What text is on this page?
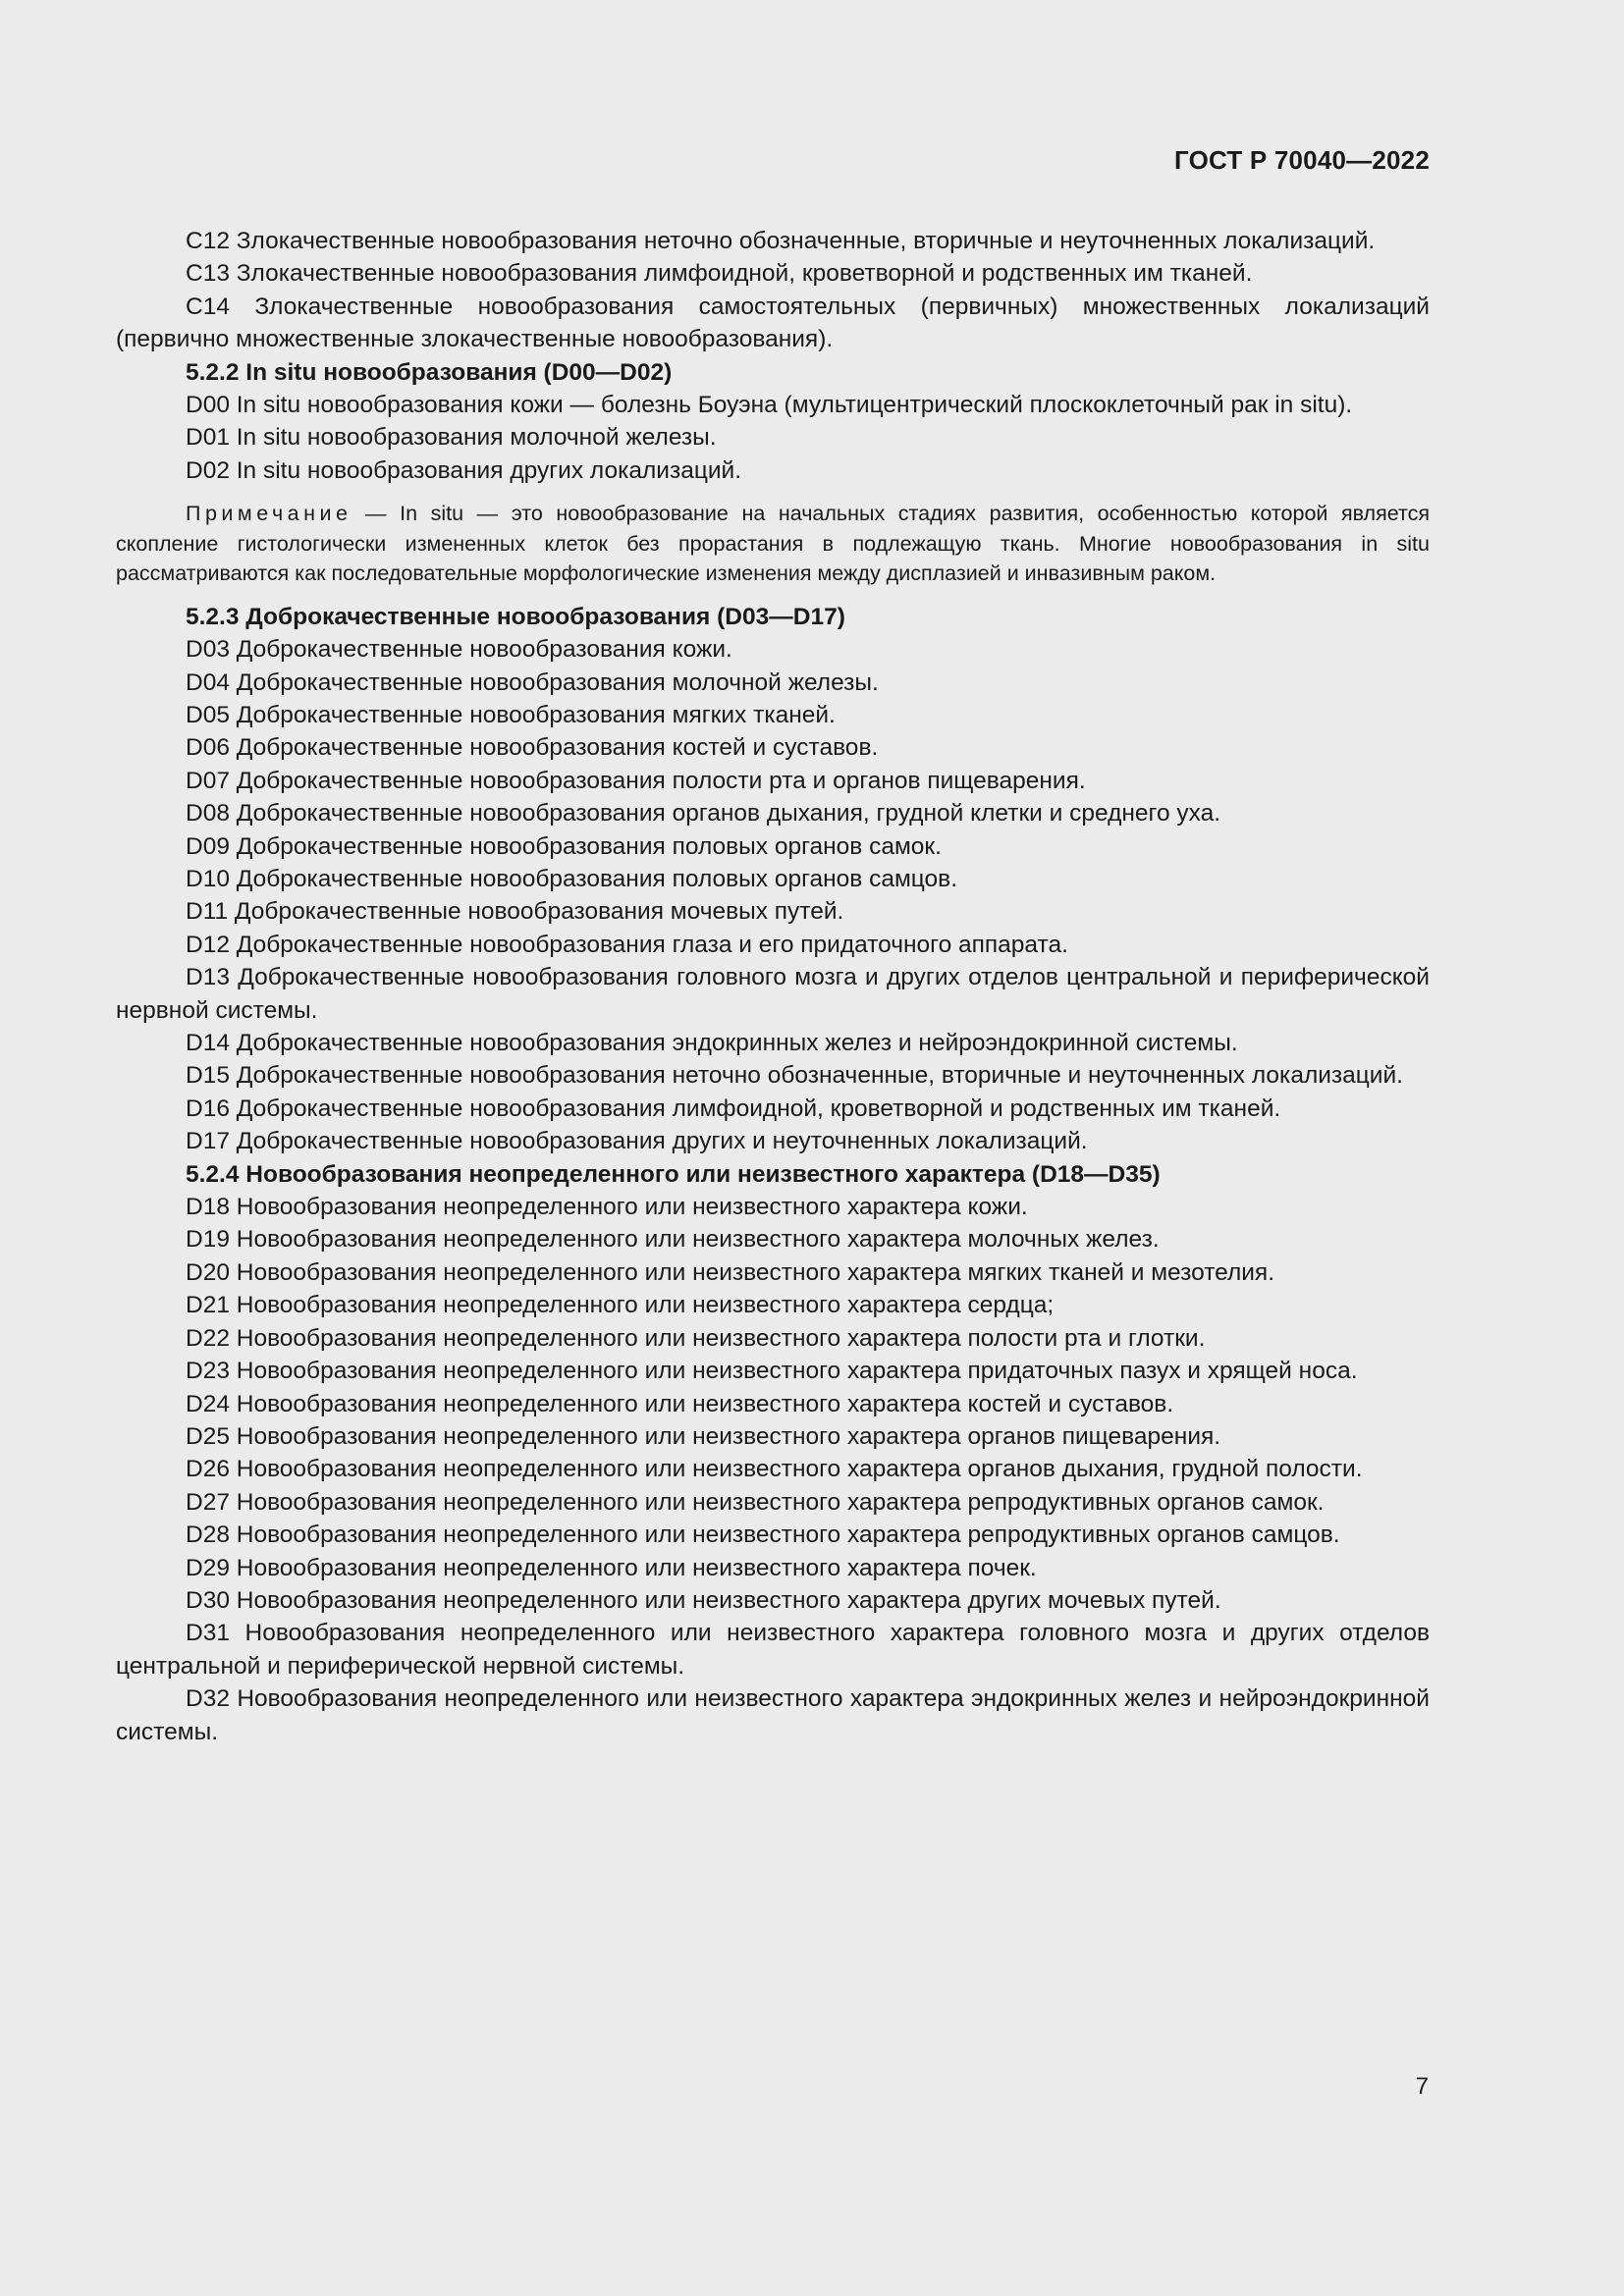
ГОСТ Р 70040—2022

С12 Злокачественные новообразования неточно обозначенные, вторичные и неуточненных локализаций.

С13 Злокачественные новообразования лимфоидной, кроветворной и родственных им тканей.

С14 Злокачественные новообразования самостоятельных (первичных) множественных локализаций (первично множественные злокачественные новообразования).

5.2.2 In situ новообразования (D00—D02)

D00 In situ новообразования кожи — болезнь Боуэна (мультицентрический плоскоклеточный рак in situ).

D01 In situ новообразования молочной железы.

D02 In situ новообразования других локализаций.

Примечание — In situ — это новообразование на начальных стадиях развития, особенностью которой является скопление гистологически измененных клеток без прорастания в подлежащую ткань. Многие новообразования in situ рассматриваются как последовательные морфологические изменения между дисплазией и инвазивным раком.

5.2.3 Доброкачественные новообразования (D03—D17)

D03 Доброкачественные новообразования кожи.

D04 Доброкачественные новообразования молочной железы.

D05 Доброкачественные новообразования мягких тканей.

D06 Доброкачественные новообразования костей и суставов.

D07 Доброкачественные новообразования полости рта и органов пищеварения.

D08 Доброкачественные новообразования органов дыхания, грудной клетки и среднего уха.

D09 Доброкачественные новообразования половых органов самок.

D10 Доброкачественные новообразования половых органов самцов.

D11 Доброкачественные новообразования мочевых путей.

D12 Доброкачественные новообразования глаза и его придаточного аппарата.

D13 Доброкачественные новообразования головного мозга и других отделов центральной и периферической нервной системы.

D14 Доброкачественные новообразования эндокринных желез и нейроэндокринной системы.

D15 Доброкачественные новообразования неточно обозначенные, вторичные и неуточненных локализаций.

D16 Доброкачественные новообразования лимфоидной, кроветворной и родственных им тканей.

D17 Доброкачественные новообразования других и неуточненных локализаций.

5.2.4 Новообразования неопределенного или неизвестного характера (D18—D35)

D18 Новообразования неопределенного или неизвестного характера кожи.

D19 Новообразования неопределенного или неизвестного характера молочных желез.

D20 Новообразования неопределенного или неизвестного характера мягких тканей и мезотелия.

D21 Новообразования неопределенного или неизвестного характера сердца;

D22 Новообразования неопределенного или неизвестного характера полости рта и глотки.

D23 Новообразования неопределенного или неизвестного характера придаточных пазух и хрящей носа.

D24 Новообразования неопределенного или неизвестного характера костей и суставов.

D25 Новообразования неопределенного или неизвестного характера органов пищеварения.

D26 Новообразования неопределенного или неизвестного характера органов дыхания, грудной полости.

D27 Новообразования неопределенного или неизвестного характера репродуктивных органов самок.

D28 Новообразования неопределенного или неизвестного характера репродуктивных органов самцов.

D29 Новообразования неопределенного или неизвестного характера почек.

D30 Новообразования неопределенного или неизвестного характера других мочевых путей.

D31 Новообразования неопределенного или неизвестного характера головного мозга и других отделов центральной и периферической нервной системы.

D32 Новообразования неопределенного или неизвестного характера эндокринных желез и нейроэндокринной системы.

7
